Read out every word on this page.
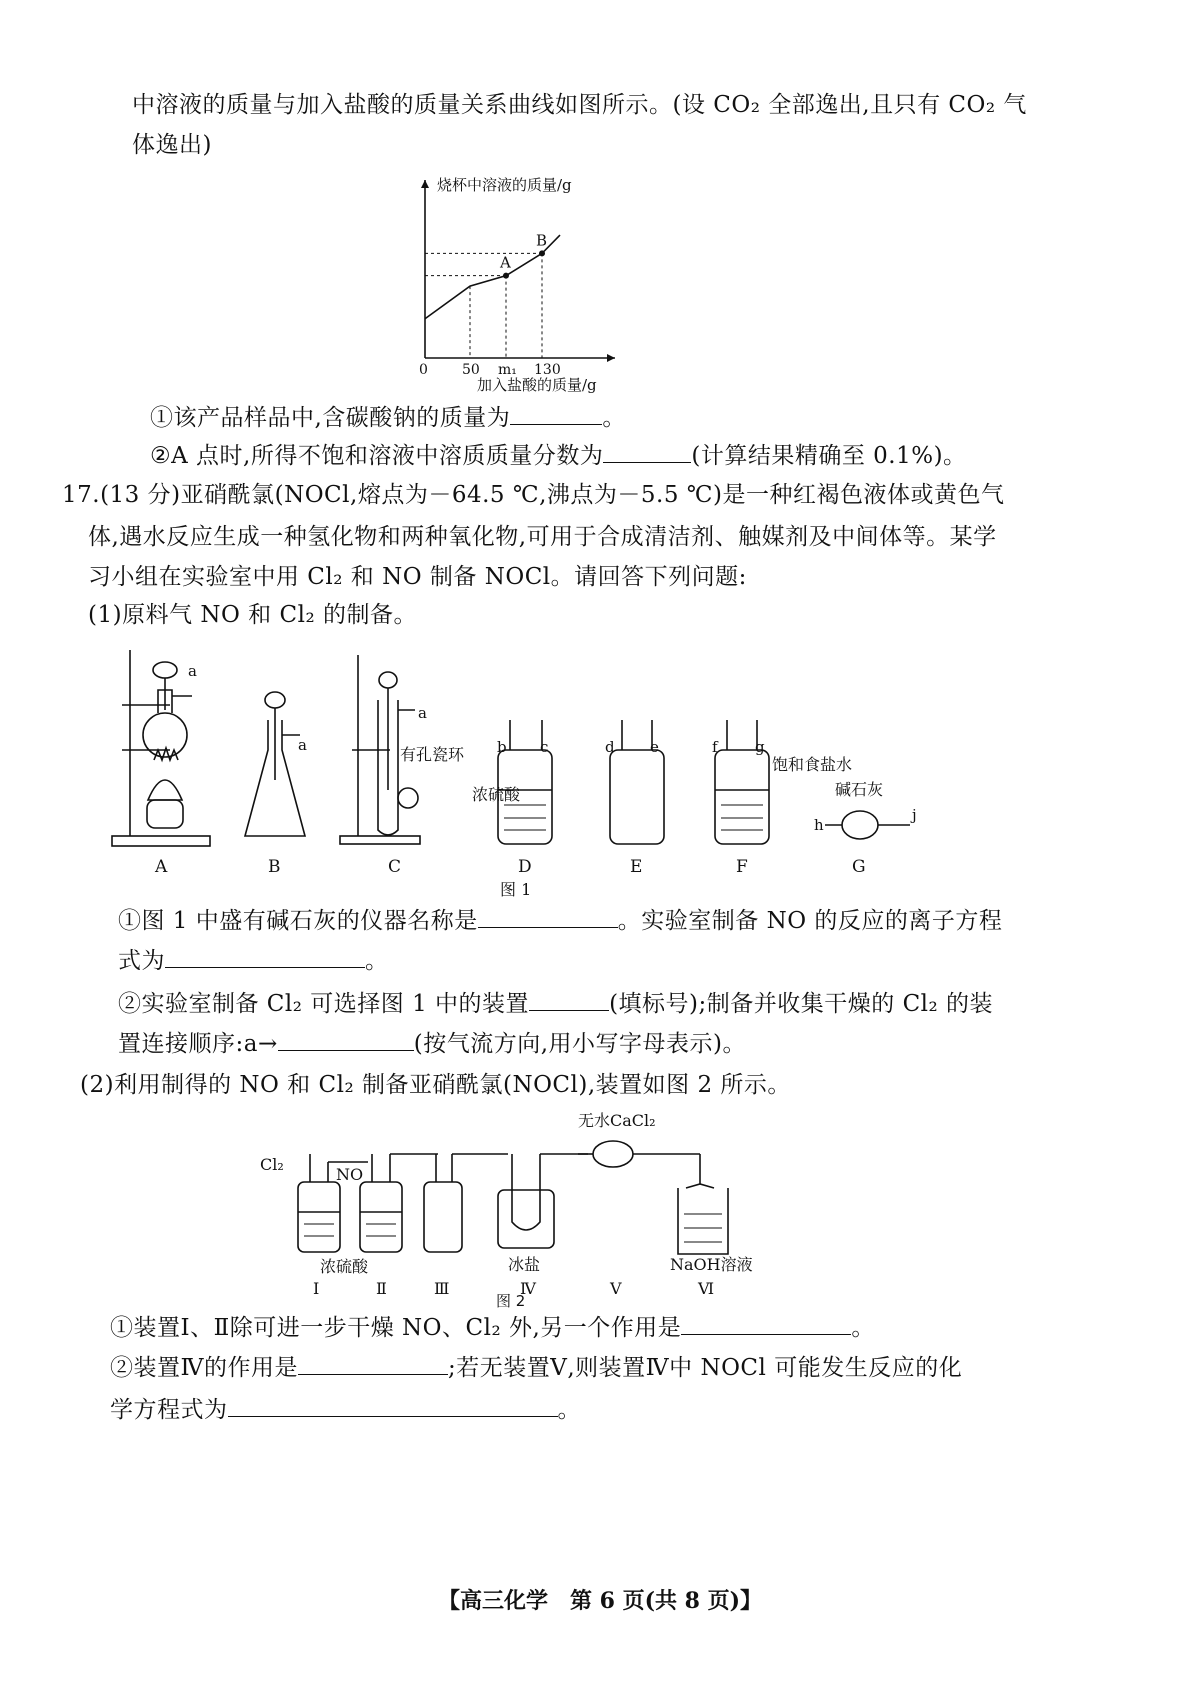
中溶液的质量与加入盐酸的质量关系曲线如图所示。(设 CO₂ 全部逸出,且只有 CO₂ 气
体逸出)
烧杯中溶液的质量/g
加入盐酸的质量/g
0 50 m₁ 130
A
B
①该产品样品中,含碳酸钠的质量为	。
②A 点时,所得不饱和溶液中溶质质量分数为	(计算结果精确至 0.1%)。
17.(13 分)亚硝酰氯(NOCl,熔点为－64.5 ℃,沸点为－5.5 ℃)是一种红褐色液体或黄色气
体,遇水反应生成一种氢化物和两种氧化物,可用于合成清洁剂、触媒剂及中间体等。某学
习小组在实验室中用 Cl₂ 和 NO 制备 NOCl。请回答下列问题:
(1)原料气 NO 和 Cl₂ 的制备。
a
a
a
b c	d e	f g
h
j
有孔瓷环
浓硫酸
饱和食盐水
碱石灰
A	B	C	D	E	F	G
图 1
①图 1 中盛有碱石灰的仪器名称是	。实验室制备 NO 的反应的离子方程
式为	。
②实验室制备 Cl₂ 可选择图 1 中的装置	(填标号);制备并收集干燥的 Cl₂ 的装
置连接顺序:a→	(按气流方向,用小写字母表示)。
(2)利用制得的 NO 和 Cl₂ 制备亚硝酰氯(NOCl),装置如图 2 所示。
Cl₂
NO
无水CaCl₂
浓硫酸	冰盐	NaOH溶液
Ⅰ	Ⅱ	Ⅲ	Ⅳ	Ⅴ	Ⅵ
图 2
①装置Ⅰ、Ⅱ除可进一步干燥 NO、Cl₂ 外,另一个作用是	。
②装置Ⅳ的作用是	;若无装置Ⅴ,则装置Ⅳ中 NOCl 可能发生反应的化
学方程式为	。
【高三化学　第 6 页(共 8 页)】
